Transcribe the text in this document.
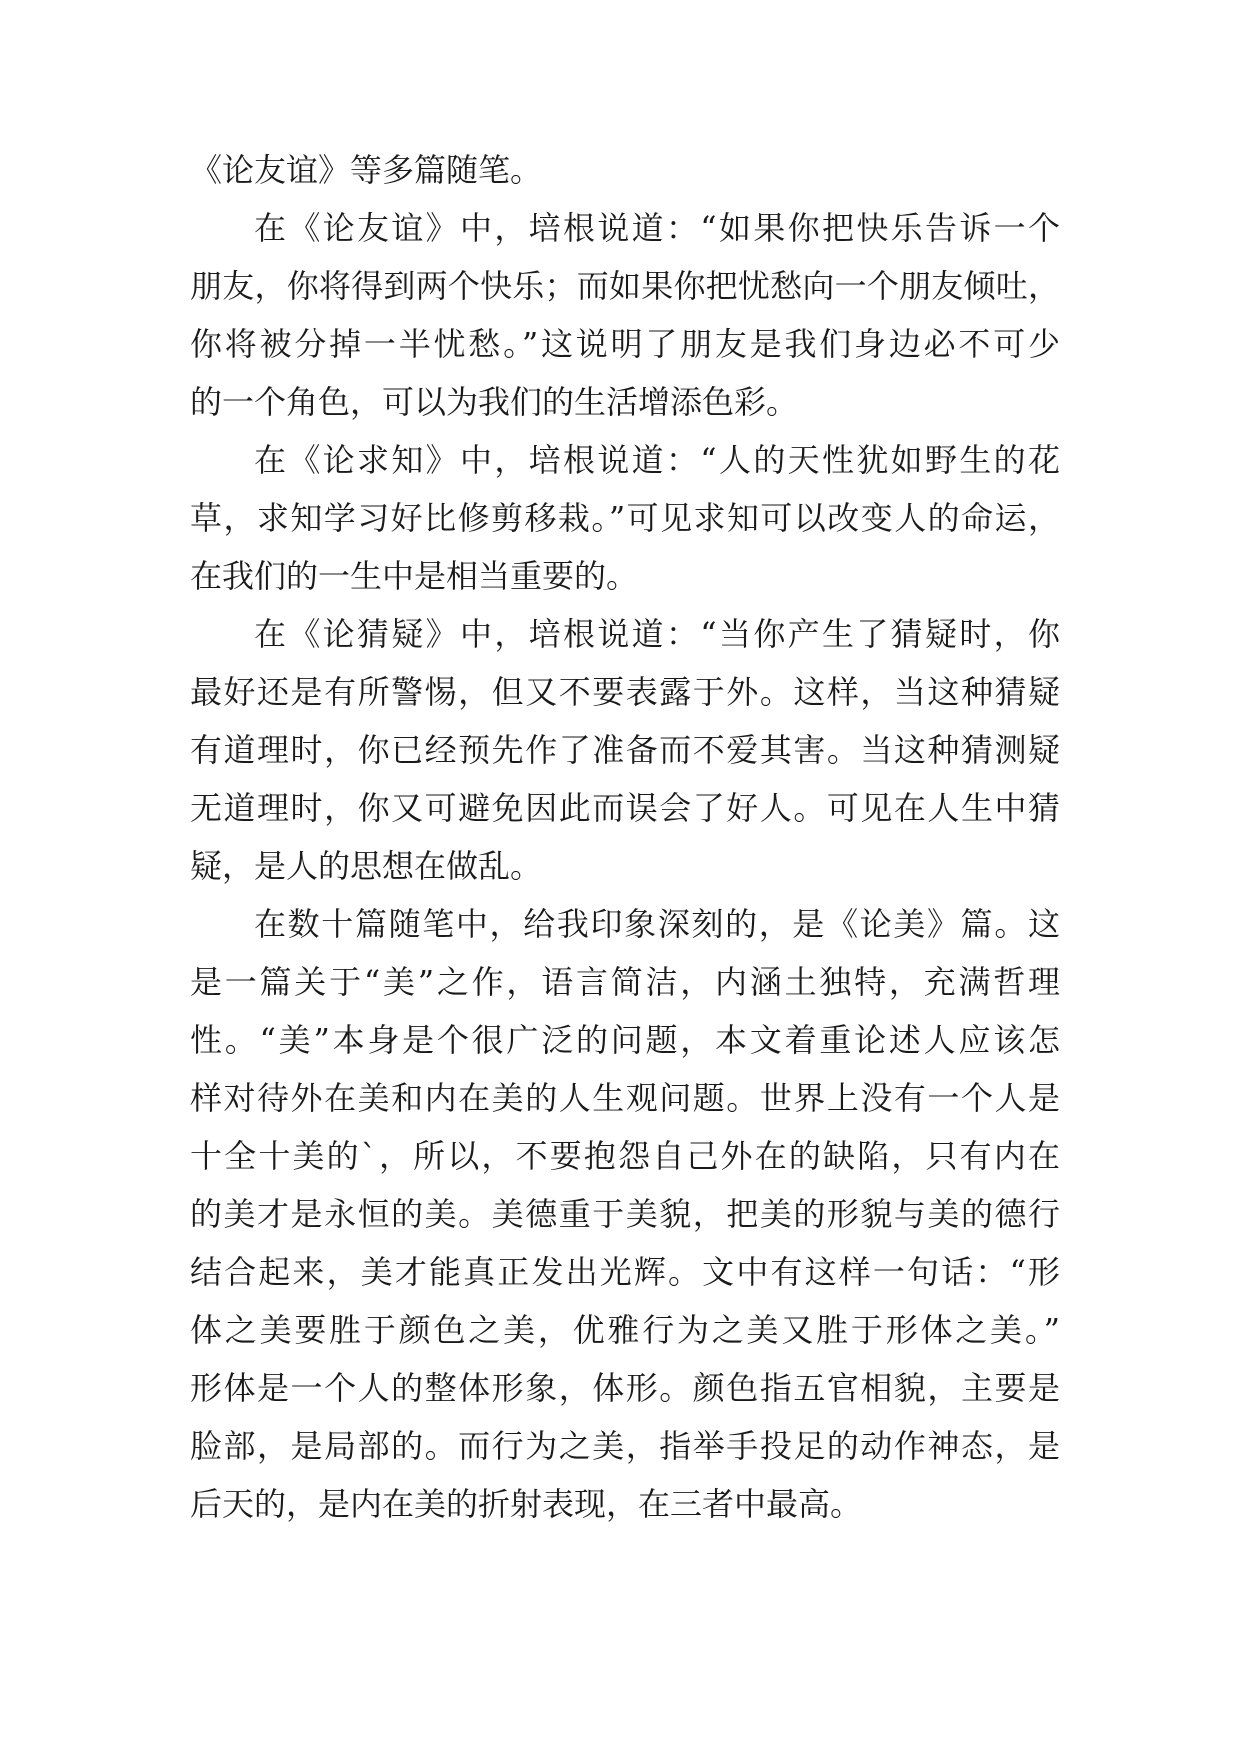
《论友谊》等多篇随笔。
在《论友谊》中，培根说道：“如果你把快乐告诉一个
朋友，你将得到两个快乐；而如果你把忧愁向一个朋友倾吐，
你将被分掉一半忧愁。”这说明了朋友是我们身边必不可少
的一个角色，可以为我们的生活增添色彩。
在《论求知》中，培根说道：“人的天性犹如野生的花
草，求知学习好比修剪移栽。”可见求知可以改变人的命运，
在我们的一生中是相当重要的。
在《论猜疑》中，培根说道：“当你产生了猜疑时，你
最好还是有所警惕，但又不要表露于外。这样，当这种猜疑
有道理时，你已经预先作了准备而不爱其害。当这种猜测疑
无道理时，你又可避免因此而误会了好人。可见在人生中猜
疑，是人的思想在做乱。
在数十篇随笔中，给我印象深刻的，是《论美》篇。这
是一篇关于“美”之作，语言简洁，内涵土独特，充满哲理
性。“美”本身是个很广泛的问题，本文着重论述人应该怎
样对待外在美和内在美的人生观问题。世界上没有一个人是
十全十美的`，所以，不要抱怨自己外在的缺陷，只有内在
的美才是永恒的美。美德重于美貌，把美的形貌与美的德行
结合起来，美才能真正发出光辉。文中有这样一句话：“形
体之美要胜于颜色之美，优雅行为之美又胜于形体之美。”
形体是一个人的整体形象，体形。颜色指五官相貌，主要是
脸部，是局部的。而行为之美，指举手投足的动作神态，是
后天的，是内在美的折射表现，在三者中最高。
